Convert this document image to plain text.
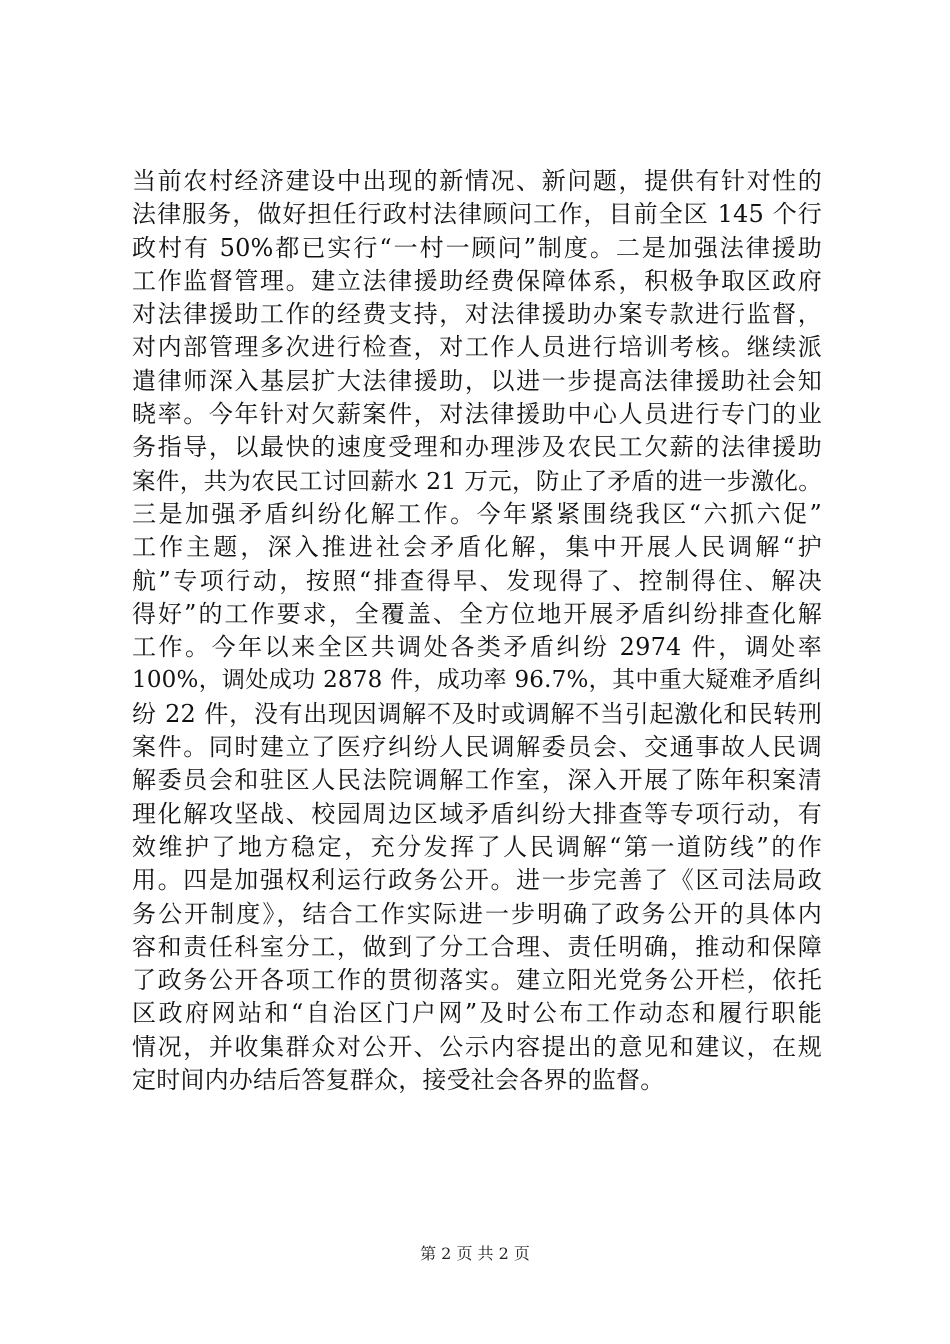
当前农村经济建设中出现的新情况、新问题，提供有针对性的
法律服务，做好担任行政村法律顾问工作，目前全区 145 个行
政村有 50%都已实行“一村一顾问”制度。二是加强法律援助
工作监督管理。建立法律援助经费保障体系，积极争取区政府
对法律援助工作的经费支持，对法律援助办案专款进行监督，
对内部管理多次进行检查，对工作人员进行培训考核。继续派
遣律师深入基层扩大法律援助，以进一步提高法律援助社会知
晓率。今年针对欠薪案件，对法律援助中心人员进行专门的业
务指导，以最快的速度受理和办理涉及农民工欠薪的法律援助
案件，共为农民工讨回薪水 21 万元，防止了矛盾的进一步激化。
三是加强矛盾纠纷化解工作。今年紧紧围绕我区“六抓六促”
工作主题，深入推进社会矛盾化解，集中开展人民调解“护
航”专项行动，按照“排查得早、发现得了、控制得住、解决
得好”的工作要求，全覆盖、全方位地开展矛盾纠纷排查化解
工作。今年以来全区共调处各类矛盾纠纷 2974 件，调处率
100%，调处成功 2878 件，成功率 96.7%，其中重大疑难矛盾纠
纷 22 件，没有出现因调解不及时或调解不当引起激化和民转刑
案件。同时建立了医疗纠纷人民调解委员会、交通事故人民调
解委员会和驻区人民法院调解工作室，深入开展了陈年积案清
理化解攻坚战、校园周边区域矛盾纠纷大排查等专项行动，有
效维护了地方稳定，充分发挥了人民调解“第一道防线”的作
用。四是加强权利运行政务公开。进一步完善了《区司法局政
务公开制度》，结合工作实际进一步明确了政务公开的具体内
容和责任科室分工，做到了分工合理、责任明确，推动和保障
了政务公开各项工作的贯彻落实。建立阳光党务公开栏，依托
区政府网站和“自治区门户网”及时公布工作动态和履行职能
情况，并收集群众对公开、公示内容提出的意见和建议，在规
定时间内办结后答复群众，接受社会各界的监督。
第 2 页 共 2 页
